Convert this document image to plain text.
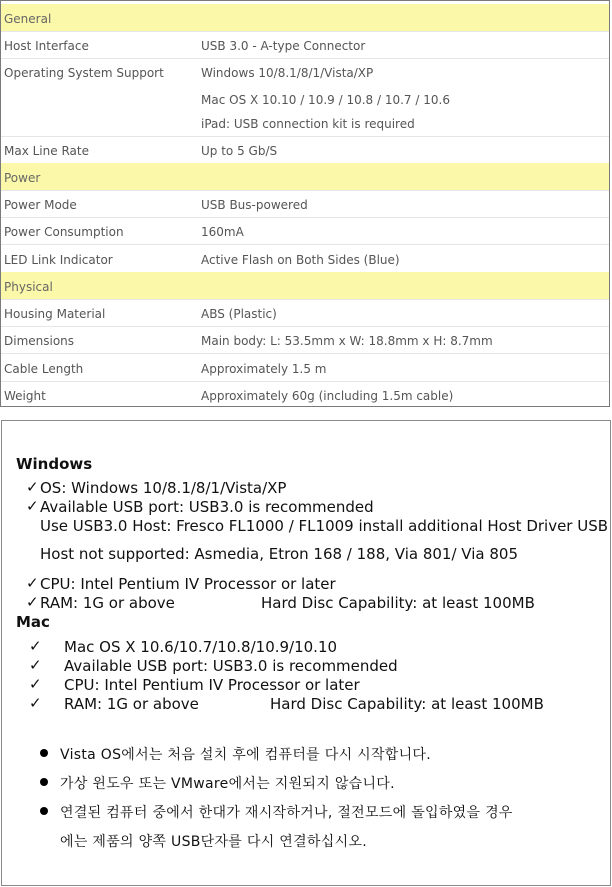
General
Host Interface	USB 3.0 - A-type Connector
Operating System Support	Windows 10/8.1/8/1/Vista/XP
Mac OS X 10.10 / 10.9 / 10.8 / 10.7 / 10.6
iPad: USB connection kit is required
Max Line Rate	Up to 5 Gb/S
Power
Power Mode	USB Bus-powered
Power Consumption	160mA
LED Link Indicator	Active Flash on Both Sides (Blue)
Physical
Housing Material	ABS (Plastic)
Dimensions	Main body: L: 53.5mm x W: 18.8mm x H: 8.7mm
Cable Length	Approximately 1.5 m
Weight	Approximately 60g (including 1.5m cable)
Windows
✓ OS: Windows 10/8.1/8/1/Vista/XP
✓ Available USB port: USB3.0 is recommended
Use USB3.0 Host: Fresco FL1000 / FL1009 install additional Host Driver USB
Host not supported: Asmedia, Etron 168 / 188, Via 801/ Via 805
✓ CPU: Intel Pentium IV Processor or later
✓ RAM: 1G or above	Hard Disc Capability: at least 100MB
Mac
✓ Mac OS X 10.6/10.7/10.8/10.9/10.10
✓ Available USB port: USB3.0 is recommended
✓ CPU: Intel Pentium IV Processor or later
✓ RAM: 1G or above	Hard Disc Capability: at least 100MB
Vista OS에서는 처음 설치 후에 컴퓨터를 다시 시작합니다.
가상 윈도우 또는 VMware에서는 지원되지 않습니다.
연결된 컴퓨터 중에서 한대가 재시작하거나, 절전모드에 돌입하였을 경우
에는 제품의 양쪽 USB단자를 다시 연결하십시오.
